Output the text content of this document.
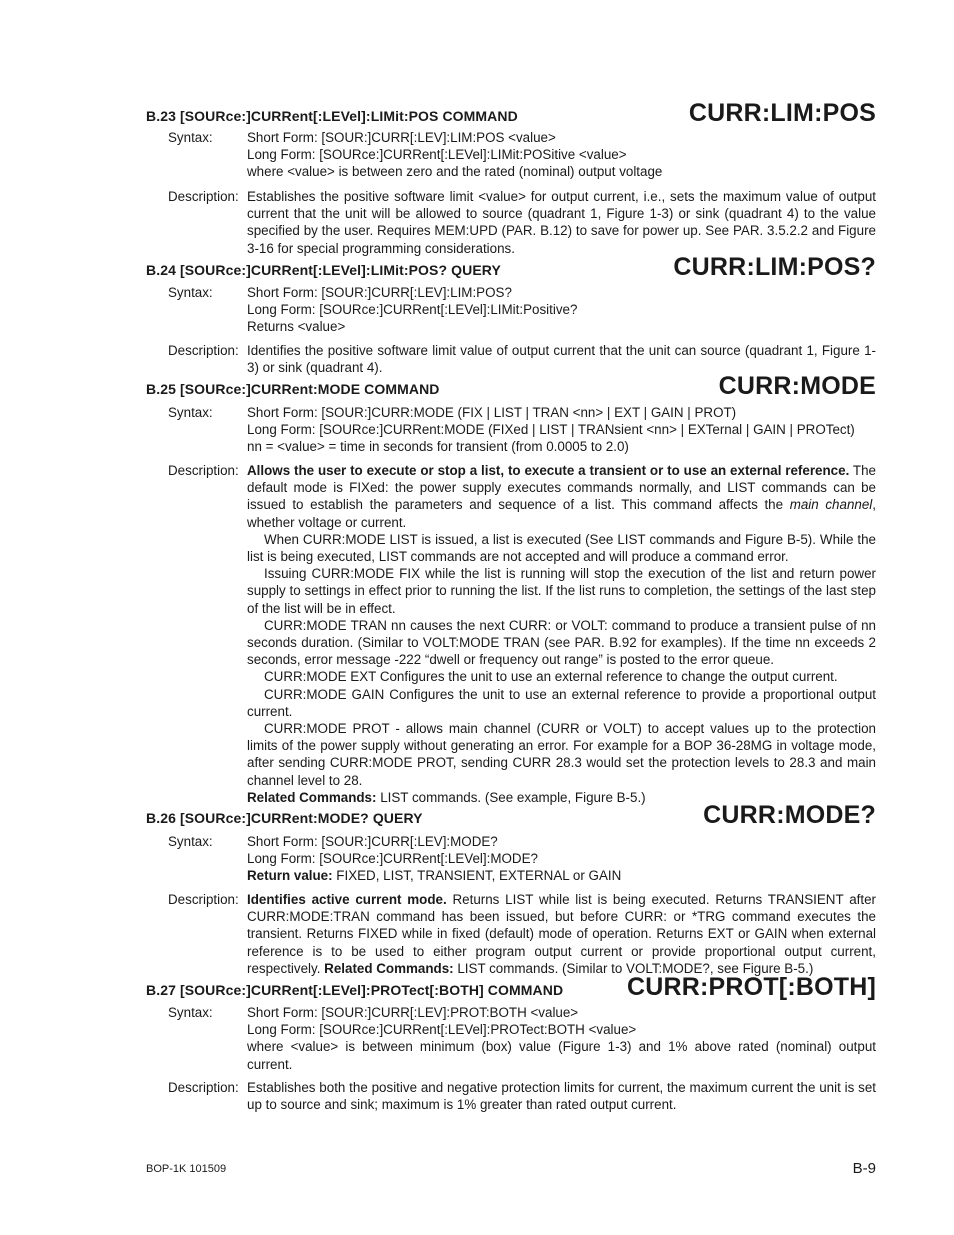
B.23 [SOURce:]CURRent[:LEVel]:LIMit:POS COMMAND	CURR:LIM:POS
Syntax:	Short Form: [SOUR:]CURR[:LEV]:LIM:POS <value>

Long Form: [SOURce:]CURRent[:LEVel]:LIMit:POSitive <value>

where <value> is between zero and the rated (nominal) output voltage

Description: Establishes the positive software limit <value> for output current, i.e., sets the maximum value of output current that the unit will be allowed to source (quadrant 1, Figure 1-3) or sink (quadrant 4) to the value specified by the user. Requires MEM:UPD (PAR. B.12) to save for power up. See PAR. 3.5.2.2 and Figure 3-16 for special programming considerations.

B.24 [SOURce:]CURRent[:LEVel]:LIMit:POS? QUERY	CURR:LIM:POS?
Syntax:	Short Form: [SOUR:]CURR[:LEV]:LIM:POS?

Long Form: [SOURce:]CURRent[:LEVel]:LIMit:Positive?

Returns <value>

Description: Identifies the positive software limit value of output current that the unit can source (quadrant 1, Figure 1-3) or sink (quadrant 4).

B.25 [SOURce:]CURRent:MODE COMMAND	CURR:MODE
Syntax:	Short Form: [SOUR:]CURR:MODE (FIX | LIST | TRAN <nn> | EXT | GAIN | PROT)

Long Form: [SOURce:]CURRent:MODE (FIXed | LIST | TRANsient <nn> | EXTernal | GAIN | PROTect)

nn = <value> = time in seconds for transient (from 0.0005 to 2.0)

Description: Allows the user to execute or stop a list, to execute a transient or to use an external reference. The default mode is FIXed: the power supply executes commands normally, and LIST commands can be issued to establish the parameters and sequence of a list. This command affects the main channel, whether voltage or current.

When CURR:MODE LIST is issued, a list is executed (See LIST commands and Figure B-5). While the list is being executed, LIST commands are not accepted and will produce a command error.

Issuing CURR:MODE FIX while the list is running will stop the execution of the list and return power supply to settings in effect prior to running the list. If the list runs to completion, the settings of the last step of the list will be in effect.

CURR:MODE TRAN nn causes the next CURR: or VOLT: command to produce a transient pulse of nn seconds duration. (Similar to VOLT:MODE TRAN (see PAR. B.92 for examples). If the time nn exceeds 2 seconds, error message -222 “dwell or frequency out range” is posted to the error queue.

CURR:MODE EXT Configures the unit to use an external reference to change the output current.

CURR:MODE GAIN Configures the unit to use an external reference to provide a proportional output current.

CURR:MODE PROT - allows main channel (CURR or VOLT) to accept values up to the protection limits of the power supply without generating an error. For example for a BOP 36-28MG in voltage mode, after sending CURR:MODE PROT, sending CURR 28.3 would set the protection levels to 28.3 and main channel level to 28.

Related Commands: LIST commands. (See example, Figure B-5.)

B.26 [SOURce:]CURRent:MODE? QUERY	CURR:MODE?
Syntax:	Short Form: [SOUR:]CURR[:LEV]:MODE?

Long Form: [SOURce:]CURRent[:LEVel]:MODE?

Return value: FIXED, LIST, TRANSIENT, EXTERNAL or GAIN

Description: Identifies active current mode. Returns LIST while list is being executed. Returns TRANSIENT after CURR:MODE:TRAN command has been issued, but before CURR: or *TRG command executes the transient. Returns FIXED while in fixed (default) mode of operation. Returns EXT or GAIN when external reference is to be used to either program output current or provide proportional output current, respectively. Related Commands: LIST commands. (Similar to VOLT:MODE?, see Figure B-5.)

B.27 [SOURce:]CURRent[:LEVel]:PROTect[:BOTH] COMMAND	CURR:PROT[:BOTH]
Syntax:	Short Form: [SOUR:]CURR[:LEV]:PROT:BOTH <value>

Long Form: [SOURce:]CURRent[:LEVel]:PROTect:BOTH <value>

where <value> is between minimum (box) value (Figure 1-3) and 1% above rated (nominal) output current.

Description: Establishes both the positive and negative protection limits for current, the maximum current the unit is set up to source and sink; maximum is 1% greater than rated output current.

BOP-1K 101509	B-9
